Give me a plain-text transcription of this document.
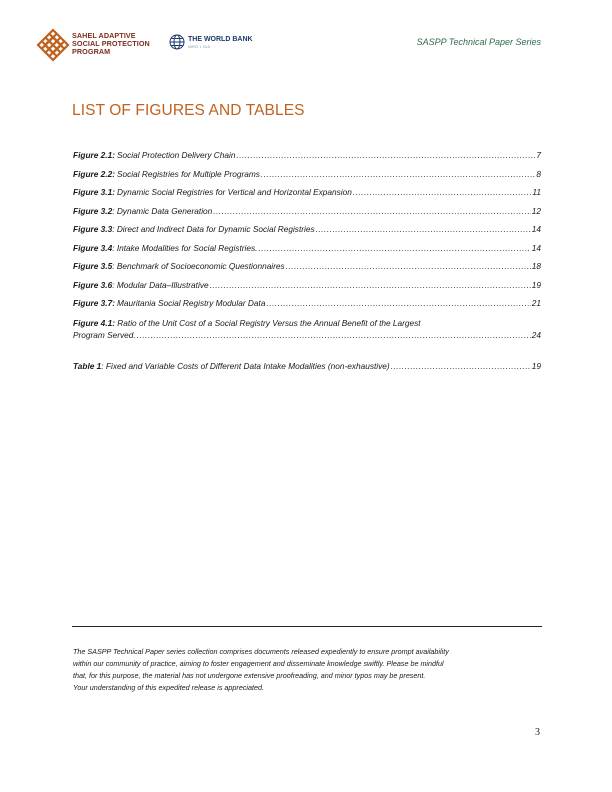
SAHEL ADAPTIVE
SOCIAL PROTECTION
PROGRAM
THE WORLD BANK
IBRD • IDA	SASPP Technical Paper Series
LIST OF FIGURES AND TABLES
Figure 2.1: Social Protection Delivery Chain .....	7
Figure 2.2: Social Registries for Multiple Programs .....	8
Figure 3.1: Dynamic Social Registries for Vertical and Horizontal Expansion .....	11
Figure 3.2 : Dynamic Data Generation .....	12
Figure 3.3 : Direct and Indirect Data for Dynamic Social Registries .....	14
Figure 3.4 : Intake Modalities for Social Registries. .....	14
Figure 3.5 : Benchmark of Socioeconomic Questionnaires .....	18
Figure 3.6 : Modular Data–Illustrative .....	19
Figure 3.7: Mauritania Social Registry Modular Data .....	21
Figure 4.1: Ratio of the Unit Cost of a Social Registry Versus the Annual Benefit of the Largest
Program Served. .....	24
Table 1 : Fixed and Variable Costs of Different Data Intake Modalities (non-exhaustive) .....	19
The SASPP Technical Paper series collection comprises documents released expediently to ensure prompt availability
within our community of practice, aiming to foster engagement and disseminate knowledge swiftly. Please be mindful
that, for this purpose, the material has not undergone extensive proofreading, and minor typos may be present.
Your understanding of this expedited release is appreciated.
3
